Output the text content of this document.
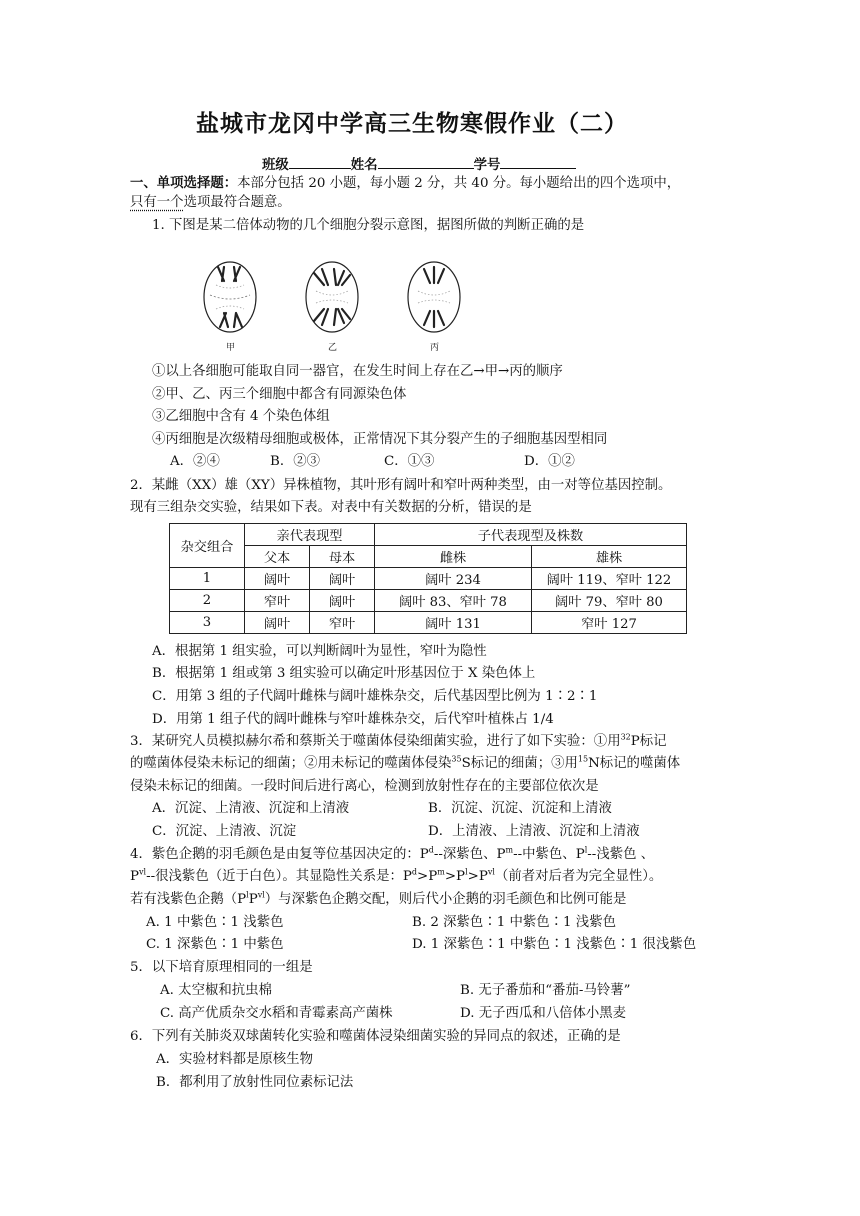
盐城市龙冈中学高三生物寒假作业（二）
班级	姓名	学号
一、单项选择题：本部分包括 20 小题，每小题 2 分，共 40 分。每小题给出的四个选项中，
只有一个选项最符合题意。
1. 下图是某二倍体动物的几个细胞分裂示意图，据图所做的判断正确的是
甲	乙	丙
①以上各细胞可能取自同一器官，在发生时间上存在乙→甲→丙的顺序
②甲、乙、丙三个细胞中都含有同源染色体
③乙细胞中含有 4 个染色体组
④丙细胞是次级精母细胞或极体，正常情况下其分裂产生的子细胞基因型相同
A．②④	B．②③	C．①③	D．①②
2．某雌（XX）雄（XY）异株植物，其叶形有阔叶和窄叶两种类型，由一对等位基因控制。
现有三组杂交实验，结果如下表。对表中有关数据的分析，错误的是
杂交组合	亲代表现型		子代表现型及株数	
	父本	母本	雌株	雄株
1	阔叶	阔叶	阔叶 234	阔叶 119、窄叶 122
2	窄叶	阔叶	阔叶 83、窄叶 78	阔叶 79、窄叶 80
3	阔叶	窄叶	阔叶 131	窄叶 127
A．根据第 1 组实验，可以判断阔叶为显性，窄叶为隐性
B．根据第 1 组或第 3 组实验可以确定叶形基因位于 X 染色体上
C．用第 3 组的子代阔叶雌株与阔叶雄株杂交，后代基因型比例为 1∶2∶1
D．用第 1 组子代的阔叶雌株与窄叶雄株杂交，后代窄叶植株占 1/4
3．某研究人员模拟赫尔希和蔡斯关于噬菌体侵染细菌实验，进行了如下实验：①用$^{32}$P标记
的噬菌体侵染未标记的细菌；②用未标记的噬菌体侵染$^{35}$S标记的细菌；③用$^{15}$N标记的噬菌体
侵染未标记的细菌。一段时间后进行离心，检测到放射性存在的主要部位依次是
A．沉淀、上清液、沉淀和上清液	B．沉淀、沉淀、沉淀和上清液
C．沉淀、上清液、沉淀	D．上清液、上清液、沉淀和上清液
4．紫色企鹅的羽毛颜色是由复等位基因决定的：$P^d--$深紫色、$P^m--$中紫色、$P^l--$浅紫色 、
$P^{vl}--$很浅紫色（近于白色）。其显隐性关系是：$P^d>P^m>P^l>P^{vl}$（前者对后者为完全显性）。
若有浅紫色企鹅$(P^lP^{vl})$与深紫色企鹅交配，则后代小企鹅的羽毛颜色和比例可能是
A. 1 中紫色∶1 浅紫色	B. 2 深紫色∶1 中紫色∶1 浅紫色
C. 1 深紫色∶1 中紫色	D. 1 深紫色∶1 中紫色∶1 浅紫色∶1 很浅紫色
5．以下培育原理相同的一组是
A. 太空椒和抗虫棉	B. 无子番茄和“番茄-马铃薯”
C. 高产优质杂交水稻和青霉素高产菌株	D. 无子西瓜和八倍体小黑麦
6．下列有关肺炎双球菌转化实验和噬菌体浸染细菌实验的异同点的叙述，正确的是
A．实验材料都是原核生物
B．都利用了放射性同位素标记法
